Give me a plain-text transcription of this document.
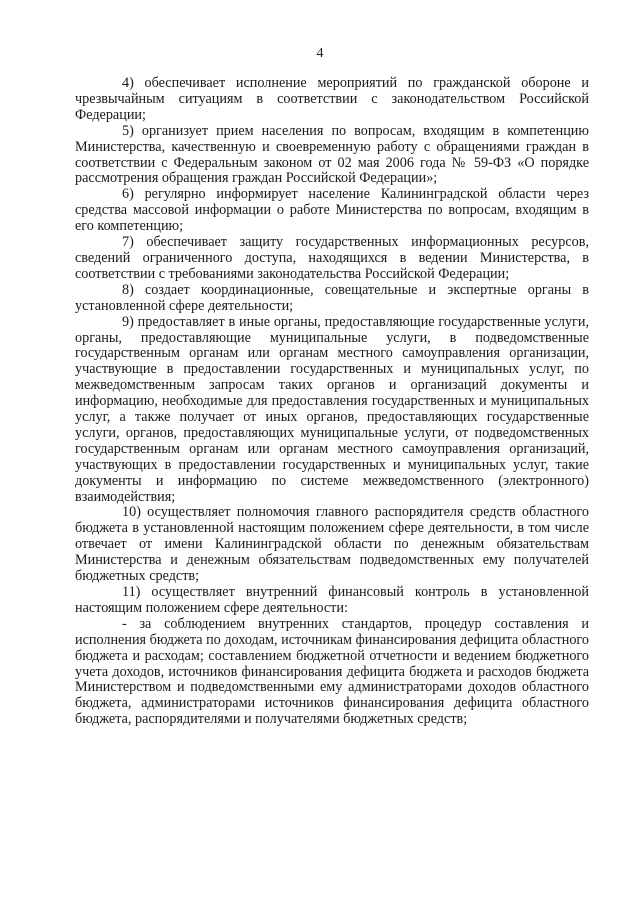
4

4) обеспечивает исполнение мероприятий по гражданской обороне и чрезвычайным ситуациям в соответствии с законодательством Российской Федерации;

5) организует прием населения по вопросам, входящим в компетенцию Министерства, качественную и своевременную работу с обращениями граждан в соответствии с Федеральным законом от 02 мая 2006 года № 59-ФЗ «О порядке рассмотрения обращения граждан Российской Федерации»;

6) регулярно информирует население Калининградской области через средства массовой информации о работе Министерства по вопросам, входящим в его компетенцию;

7) обеспечивает защиту государственных информационных ресурсов, сведений ограниченного доступа, находящихся в ведении Министерства, в соответствии с требованиями законодательства Российской Федерации;

8) создает координационные, совещательные и экспертные органы в установленной сфере деятельности;

9) предоставляет в иные органы, предоставляющие государственные услуги, органы, предоставляющие муниципальные услуги, в подведомственные государственным органам или органам местного самоуправления организации, участвующие в предоставлении государственных и муниципальных услуг, по межведомственным запросам таких органов и организаций документы и информацию, необходимые для предоставления государственных и муниципальных услуг, а также получает от иных органов, предоставляющих государственные услуги, органов, предоставляющих муниципальные услуги, от подведомственных государственным органам или органам местного самоуправления организаций, участвующих в предоставлении государственных и муниципальных услуг, такие документы и информацию по системе межведомственного (электронного) взаимодействия;

10) осуществляет полномочия главного распорядителя средств областного бюджета в установленной настоящим положением сфере деятельности, в том числе отвечает от имени Калининградской области по денежным обязательствам Министерства и денежным обязательствам подведомственных ему получателей бюджетных средств;

11) осуществляет внутренний финансовый контроль в установленной настоящим положением сфере деятельности:

- за соблюдением внутренних стандартов, процедур составления и исполнения бюджета по доходам, источникам финансирования дефицита областного бюджета и расходам; составлением бюджетной отчетности и ведением бюджетного учета доходов, источников финансирования дефицита бюджета и расходов бюджета Министерством и подведомственными ему администраторами доходов областного бюджета, администраторами источников финансирования дефицита областного бюджета, распорядителями и получателями бюджетных средств;
